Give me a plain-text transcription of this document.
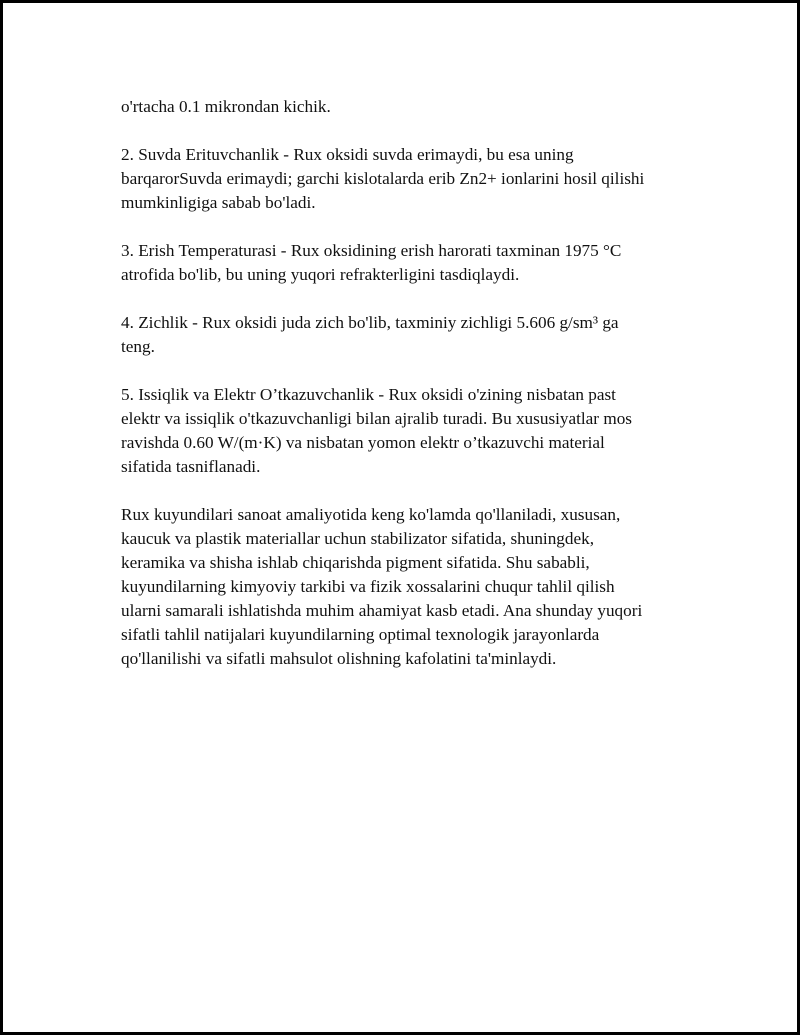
o'rtacha 0.1 mikrondan kichik.

2. Suvda Erituvchanlik - Rux oksidi suvda erimaydi, bu esa uning
barqarorSuvda erimaydi; garchi kislotalarda erib Zn2+ ionlarini hosil qilishi
mumkinligiga sabab bo'ladi.

3. Erish Temperaturasi - Rux oksidining erish harorati taxminan 1975 °C
atrofida bo'lib, bu uning yuqori refrakterligini tasdiqlaydi.

4. Zichlik - Rux oksidi juda zich bo'lib, taxminiy zichligi 5.606 g/sm³ ga
teng.

5. Issiqlik va Elektr O’tkazuvchanlik - Rux oksidi o'zining nisbatan past
elektr va issiqlik o'tkazuvchanligi bilan ajralib turadi. Bu xususiyatlar mos
ravishda 0.60 W/(m·K) va nisbatan yomon elektr o’tkazuvchi material
sifatida tasniflanadi.

Rux kuyundilari sanoat amaliyotida keng ko'lamda qo'llaniladi, xususan,
kaucuk va plastik materiallar uchun stabilizator sifatida, shuningdek,
keramika va shisha ishlab chiqarishda pigment sifatida. Shu sababli,
kuyundilarning kimyoviy tarkibi va fizik xossalarini chuqur tahlil qilish
ularni samarali ishlatishda muhim ahamiyat kasb etadi. Ana shunday yuqori
sifatli tahlil natijalari kuyundilarning optimal texnologik jarayonlarda
qo'llanilishi va sifatli mahsulot olishning kafolatini ta'minlaydi.
